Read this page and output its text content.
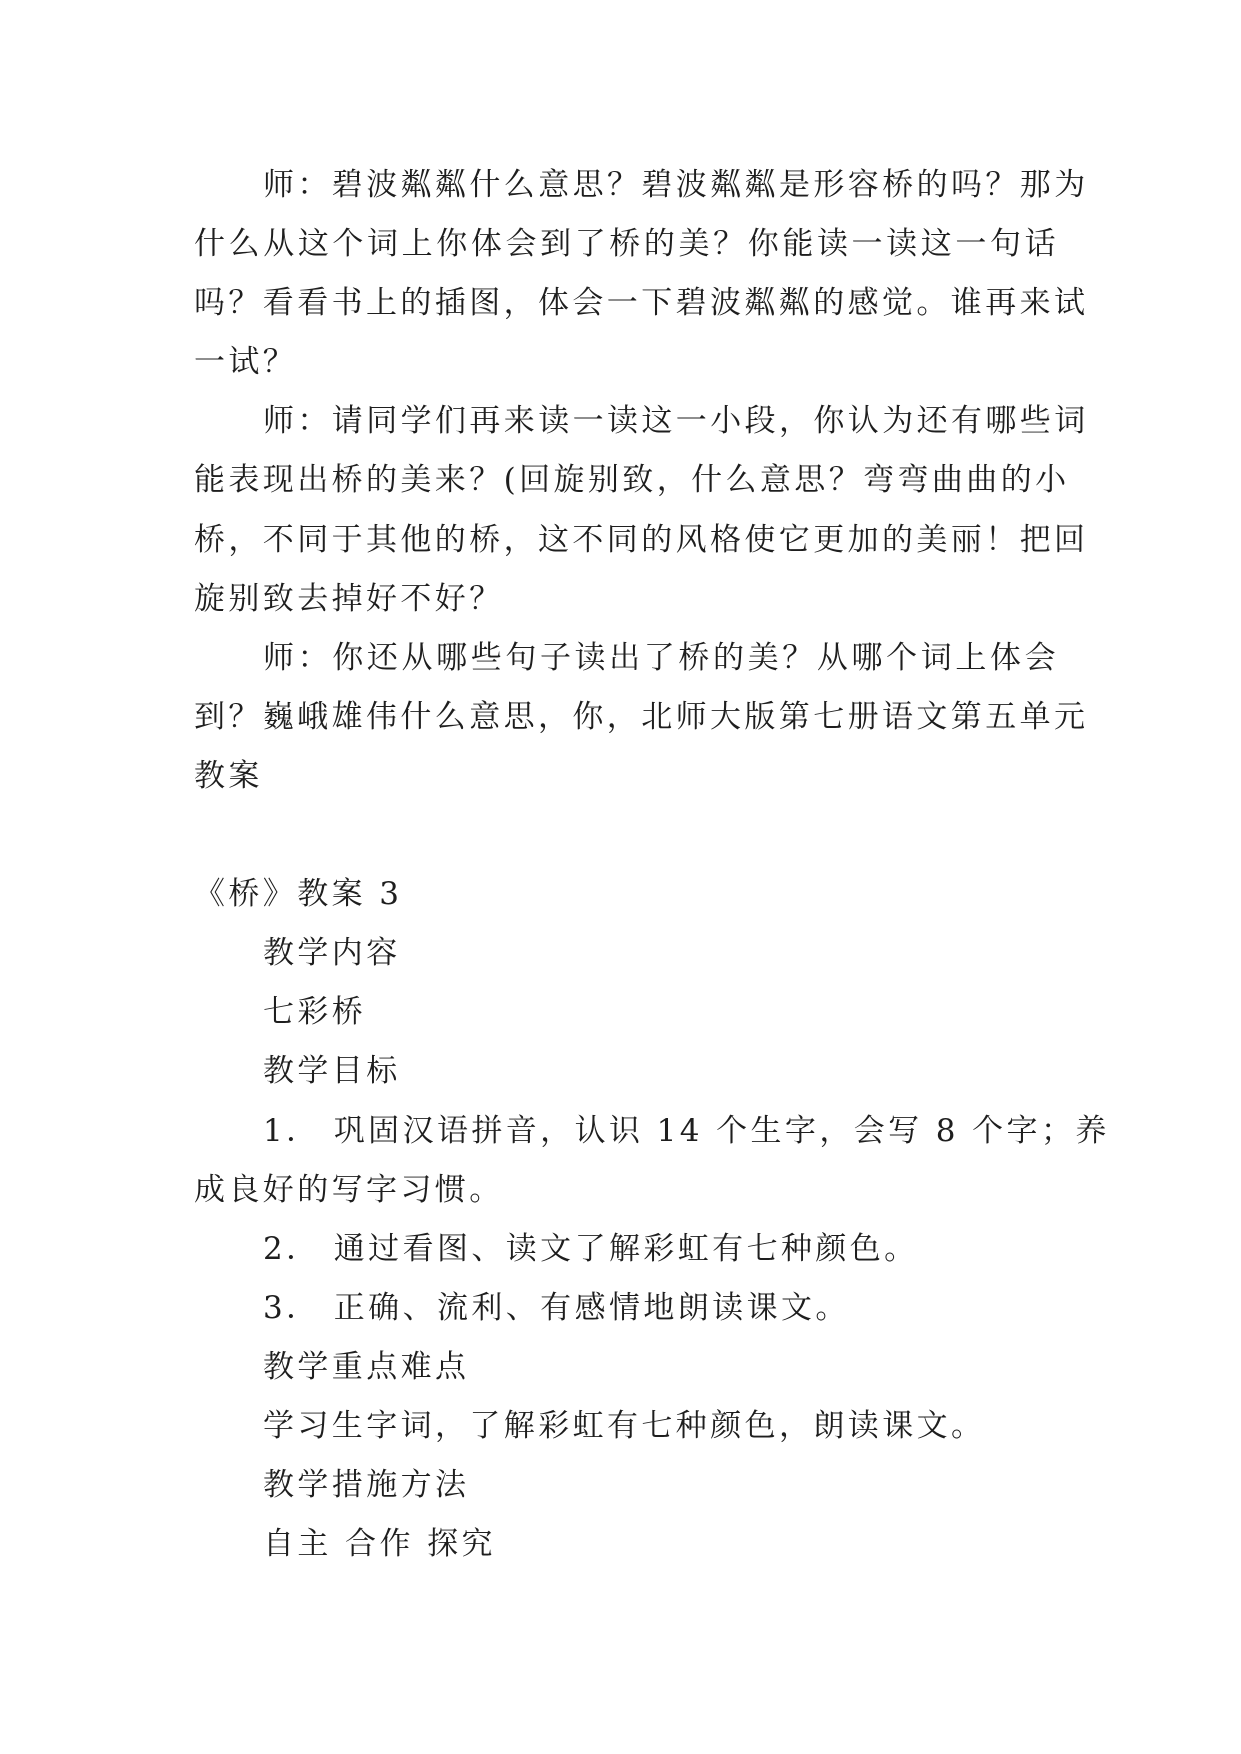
师：碧波粼粼什么意思？碧波粼粼是形容桥的吗？那为
什么从这个词上你体会到了桥的美？你能读一读这一句话
吗？看看书上的插图，体会一下碧波粼粼的感觉。谁再来试
一试？
师：请同学们再来读一读这一小段，你认为还有哪些词
能表现出桥的美来？(回旋别致，什么意思？弯弯曲曲的小
桥，不同于其他的桥，这不同的风格使它更加的美丽！把回
旋别致去掉好不好？
师：你还从哪些句子读出了桥的美？从哪个词上体会
到？巍峨雄伟什么意思，你，北师大版第七册语文第五单元
教案
《桥》教案 3
教学内容
七彩桥
教学目标
1． 巩固汉语拼音，认识 14 个生字，会写 8 个字；养
成良好的写字习惯。
2． 通过看图、读文了解彩虹有七种颜色。
3． 正确、流利、有感情地朗读课文。
教学重点难点
学习生字词，了解彩虹有七种颜色，朗读课文。
教学措施方法
自主 合作 探究
